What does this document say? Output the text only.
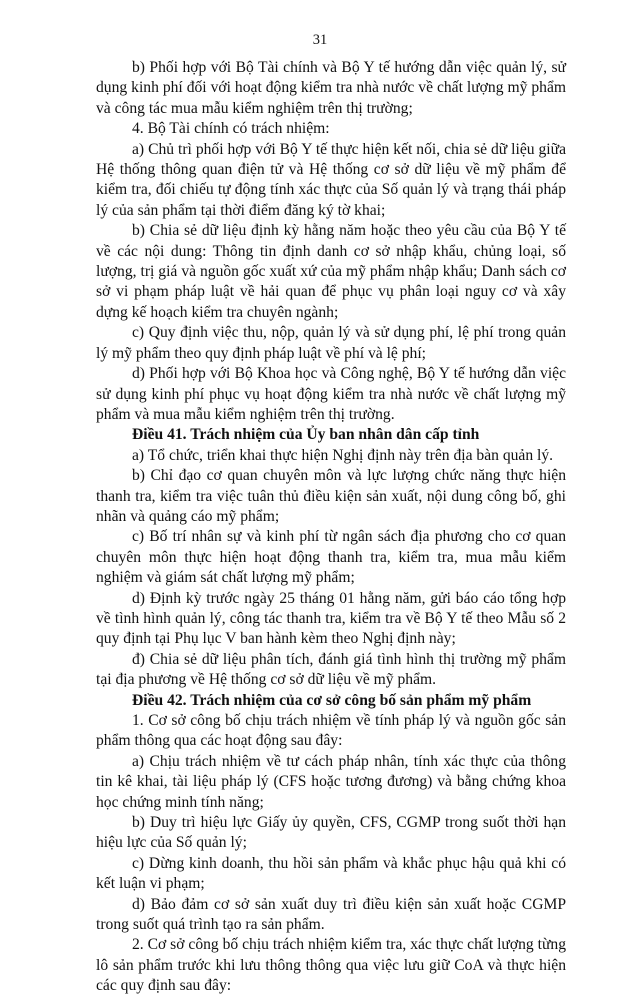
31

b) Phối hợp với Bộ Tài chính và Bộ Y tế hướng dẫn việc quản lý, sử dụng kinh phí đối với hoạt động kiểm tra nhà nước về chất lượng mỹ phẩm và công tác mua mẫu kiểm nghiệm trên thị trường;

4. Bộ Tài chính có trách nhiệm:

a) Chủ trì phối hợp với Bộ Y tế thực hiện kết nối, chia sẻ dữ liệu giữa Hệ thống thông quan điện tử và Hệ thống cơ sở dữ liệu về mỹ phẩm để kiểm tra, đối chiếu tự động tính xác thực của Số quản lý và trạng thái pháp lý của sản phẩm tại thời điểm đăng ký tờ khai;

b) Chia sẻ dữ liệu định kỳ hằng năm hoặc theo yêu cầu của Bộ Y tế về các nội dung: Thông tin định danh cơ sở nhập khẩu, chủng loại, số lượng, trị giá và nguồn gốc xuất xứ của mỹ phẩm nhập khẩu; Danh sách cơ sở vi phạm pháp luật về hải quan để phục vụ phân loại nguy cơ và xây dựng kế hoạch kiểm tra chuyên ngành;

c) Quy định việc thu, nộp, quản lý và sử dụng phí, lệ phí trong quản lý mỹ phẩm theo quy định pháp luật về phí và lệ phí;

d) Phối hợp với Bộ Khoa học và Công nghệ, Bộ Y tế hướng dẫn việc sử dụng kinh phí phục vụ hoạt động kiểm tra nhà nước về chất lượng mỹ phẩm và mua mẫu kiểm nghiệm trên thị trường.

Điều 41. Trách nhiệm của Ủy ban nhân dân cấp tỉnh

a) Tổ chức, triển khai thực hiện Nghị định này trên địa bàn quản lý.

b) Chỉ đạo cơ quan chuyên môn và lực lượng chức năng thực hiện thanh tra, kiểm tra việc tuân thủ điều kiện sản xuất, nội dung công bố, ghi nhãn và quảng cáo mỹ phẩm;

c) Bố trí nhân sự và kinh phí từ ngân sách địa phương cho cơ quan chuyên môn thực hiện hoạt động thanh tra, kiểm tra, mua mẫu kiểm nghiệm và giám sát chất lượng mỹ phẩm;

d) Định kỳ trước ngày 25 tháng 01 hằng năm, gửi báo cáo tổng hợp về tình hình quản lý, công tác thanh tra, kiểm tra về Bộ Y tế theo Mẫu số 2 quy định tại Phụ lục V ban hành kèm theo Nghị định này;

đ) Chia sẻ dữ liệu phân tích, đánh giá tình hình thị trường mỹ phẩm tại địa phương về Hệ thống cơ sở dữ liệu về mỹ phẩm.

Điều 42. Trách nhiệm của cơ sở công bố sản phẩm mỹ phẩm

1. Cơ sở công bố chịu trách nhiệm về tính pháp lý và nguồn gốc sản phẩm thông qua các hoạt động sau đây:

a) Chịu trách nhiệm về tư cách pháp nhân, tính xác thực của thông tin kê khai, tài liệu pháp lý (CFS hoặc tương đương) và bằng chứng khoa học chứng minh tính năng;

b) Duy trì hiệu lực Giấy ủy quyền, CFS, CGMP trong suốt thời hạn hiệu lực của Số quản lý;

c) Dừng kinh doanh, thu hồi sản phẩm và khắc phục hậu quả khi có kết luận vi phạm;

d) Bảo đảm cơ sở sản xuất duy trì điều kiện sản xuất hoặc CGMP trong suốt quá trình tạo ra sản phẩm.

2. Cơ sở công bố chịu trách nhiệm kiểm tra, xác thực chất lượng từng lô sản phẩm trước khi lưu thông thông qua việc lưu giữ CoA và thực hiện các quy định sau đây:
